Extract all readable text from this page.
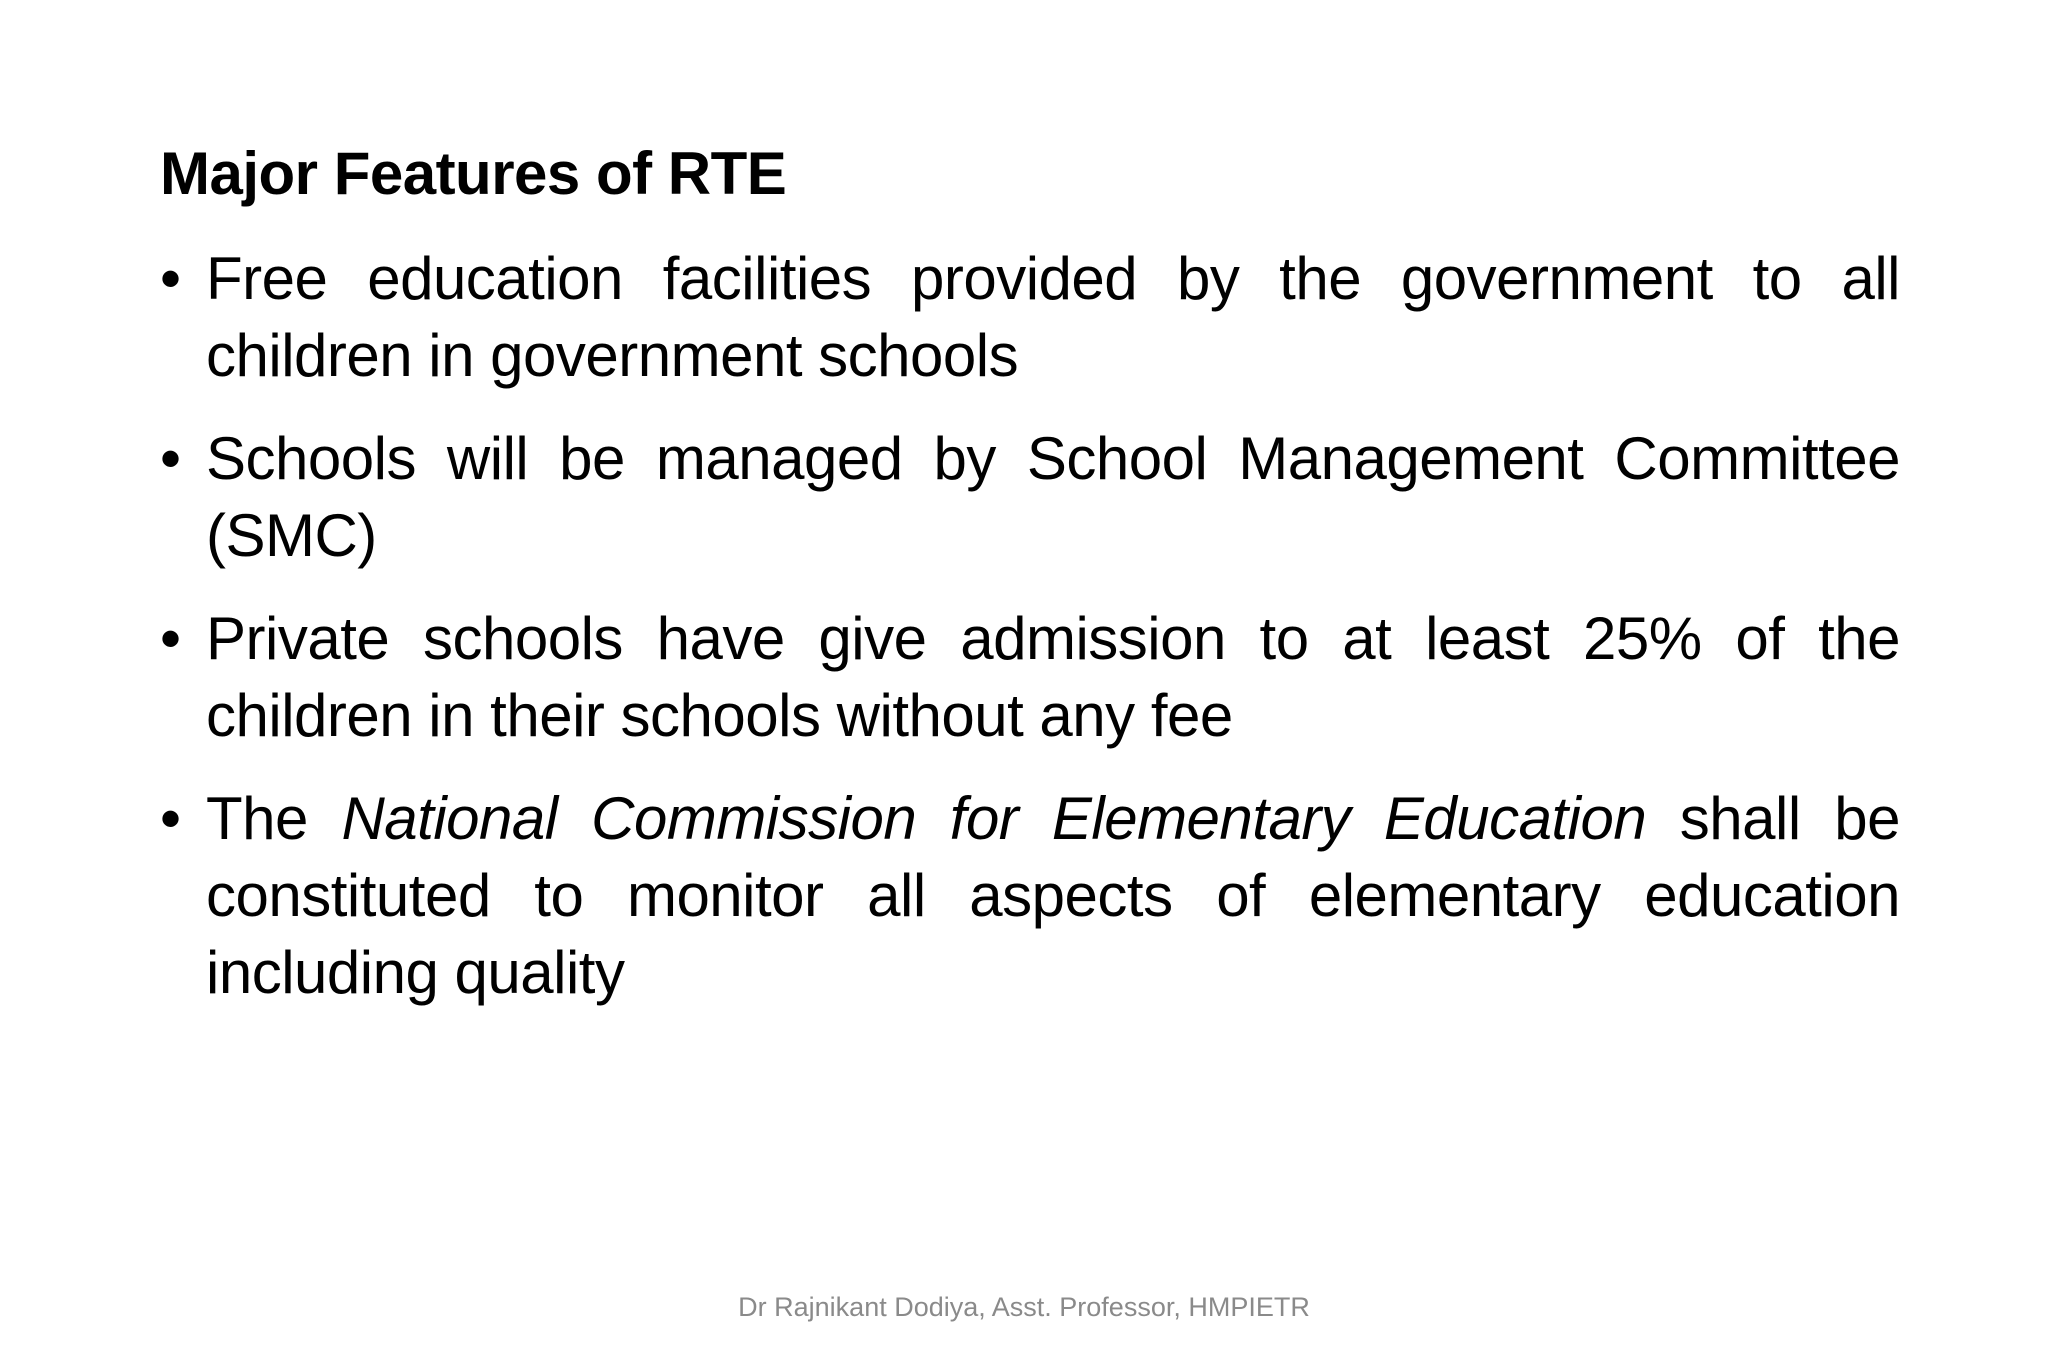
Major Features of RTE
• Free education facilities provided by the government to all children in government schools
• Schools will be managed by School Management Committee (SMC)
• Private schools have give admission to at least 25% of the children in their schools without any fee
• The National Commission for Elementary Education shall be constituted to monitor all aspects of elementary education including quality
Dr Rajnikant Dodiya, Asst. Professor, HMPIETR
